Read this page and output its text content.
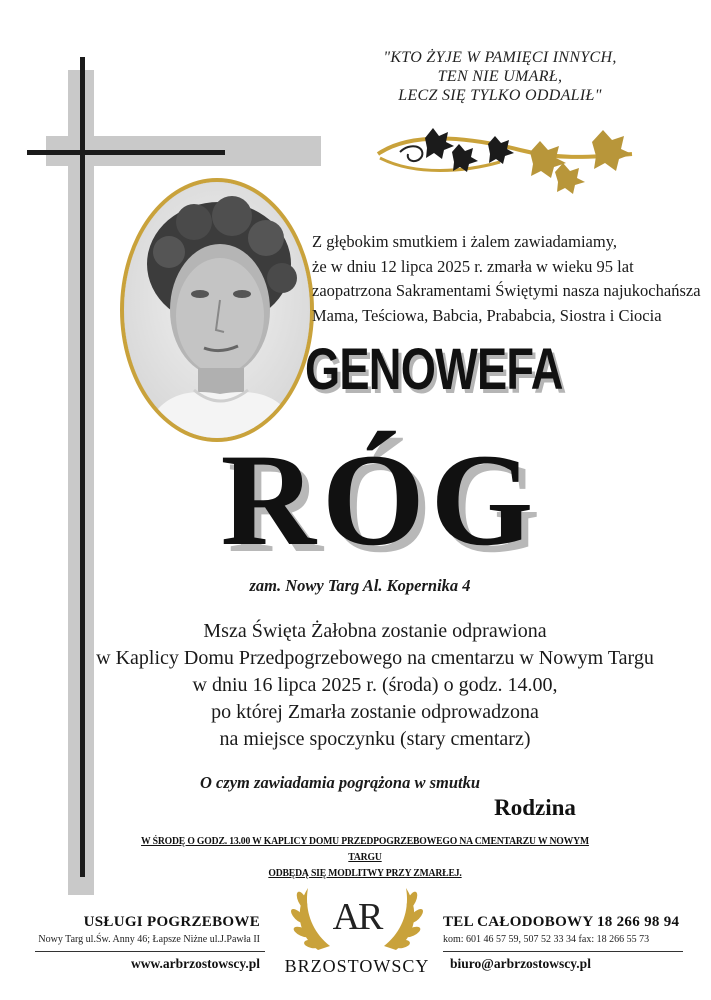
"KTO ŻYJE W PAMIĘCI INNYCH,
TEN NIE UMARŁ,
LECZ SIĘ TYLKO ODDALIŁ"
Z głębokim smutkiem i żalem zawiadamiamy,
że w dniu 12 lipca 2025 r. zmarła w wieku 95 lat
zaopatrzona Sakramentami Świętymi nasza najukochańsza
Mama, Teściowa, Babcia, Prababcia, Siostra i Ciocia
GENOWEFA
RÓG
zam. Nowy Targ Al. Kopernika 4
Msza Święta Żałobna zostanie odprawiona
w Kaplicy Domu Przedpogrzebowego na cmentarzu w Nowym Targu
w dniu 16 lipca 2025 r. (środa) o godz. 14.00,
po której Zmarła zostanie odprowadzona
na miejsce spoczynku (stary cmentarz)
O czym zawiadamia pogrążona w smutku
Rodzina
W ŚRODĘ O GODZ. 13.00 W KAPLICY DOMU PRZEDPOGRZEBOWEGO NA CMENTARZU W NOWYM TARGU
ODBĘDĄ SIĘ MODLITWY PRZY ZMARŁEJ.
USŁUGI POGRZEBOWE
Nowy Targ ul.Św. Anny 46; Łapsze Niżne ul.J.Pawła II
www.arbrzostowscy.pl
AR
BRZOSTOWSCY
TEL CAŁODOBOWY 18 266 98 94
kom: 601 46 57 59, 507 52 33 34 fax: 18 266 55 73
biuro@arbrzostowscy.pl
